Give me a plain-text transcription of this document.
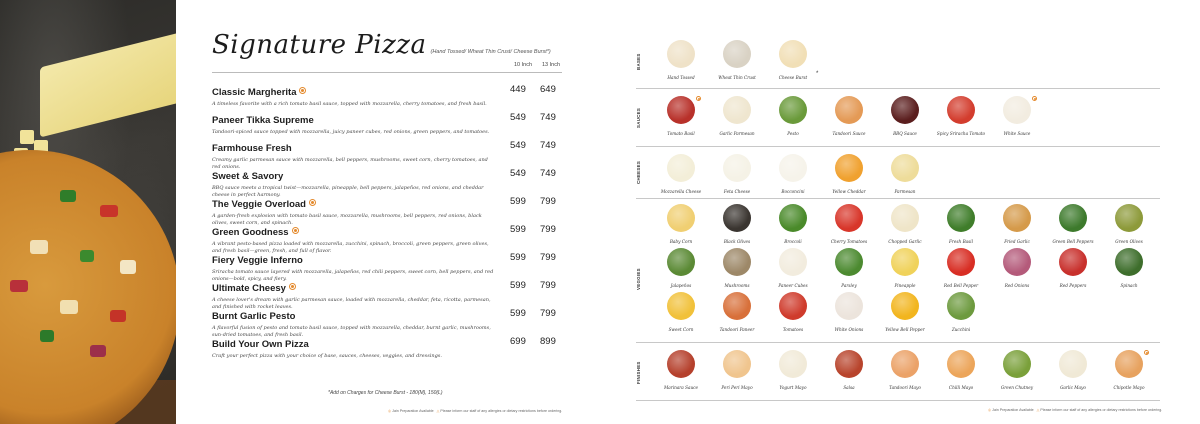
Signature Pizza (Hand Tossed/ Wheat Thin Crust/ Cheese Burst*)
10 Inch 13 Inch
Classic Margherita
A timeless favorite with a rich tomato basil sauce, topped with mozzarella, cherry tomatoes, and fresh basil.
449 649
Paneer Tikka Supreme
Tandoori-spiced sauce topped with mozzarella, juicy paneer cubes, red onions, green peppers, and tomatoes.
549 749
Farmhouse Fresh
Creamy garlic parmesan sauce with mozzarella, bell peppers, mushrooms, sweet corn, cherry tomatoes, and red onions.
549 749
Sweet & Savory
BBQ sauce meets a tropical twist—mozzarella, pineapple, bell peppers, jalapeños, red onions, and cheddar cheese in perfect harmony.
549 749
The Veggie Overload
A garden-fresh explosion with tomato basil sauce, mozzarella, mushrooms, bell peppers, red onions, black olives, sweet corn, and spinach.
599 799
Green Goodness
A vibrant pesto-based pizza loaded with mozzarella, zucchini, spinach, broccoli, green peppers, green olives, and fresh basil—green, fresh, and full of flavor.
599 799
Fiery Veggie Inferno
Sriracha tomato sauce layered with mozzarella, jalapeños, red chili peppers, sweet corn, bell peppers, and red onions—bold, spicy, and fiery.
599 799
Ultimate Cheesy
A cheese lover's dream with garlic parmesan sauce, loaded with mozzarella, cheddar, feta, ricotta, parmesan, and finished with rocket leaves.
599 799
Burnt Garlic Pesto
A flavorful fusion of pesto and tomato basil sauce, topped with mozzarella, cheddar, burnt garlic, mushrooms, sun-dried tomatoes, and fresh basil.
599 799
Build Your Own Pizza
Craft your perfect pizza with your choice of base, sauces, cheeses, veggies, and dressings.
699 899
*Add on Charges for Cheese Burst - 180(M), 150(L)
◎ Jain Preparation Available △ Please inform our staff of any allergies or dietary restrictions before ordering.
BASES
Hand Tossed	Wheat Thin Crust	Cheese Burst
*
SAUCES
Tomato Basil	Garlic Parmesan	Pesto	Tandoori Sauce	BBQ Sauce	Spicy Sriracha Tomato	White Sauce
CHEESES
Mozzarella Cheese	Feta Cheese	Bocconcini	Yellow Cheddar	Parmesan
VEGGIES
Baby Corn	Black Olives	Broccoli	Cherry Tomatoes	Chopped Garlic	Fresh Basil	Fried Garlic	Green Bell Peppers	Green Olives
Jalapeños	Mushrooms	Paneer Cubes	Parsley	Pineapple	Red Bell Pepper	Red Onions	Red Peppers	Spinach
Sweet Corn	Tandoori Paneer	Tomatoes	White Onions	Yellow Bell Pepper	Zucchini
FINISHES
Marinara Sauce	Peri Peri Mayo	Yogurt Mayo	Salsa	Tandoori Mayo	Chilli Mayo	Green Chutney	Garlic Mayo	Chipotle Mayo
◎ Jain Preparation Available △ Please inform our staff of any allergies or dietary restrictions before ordering.
